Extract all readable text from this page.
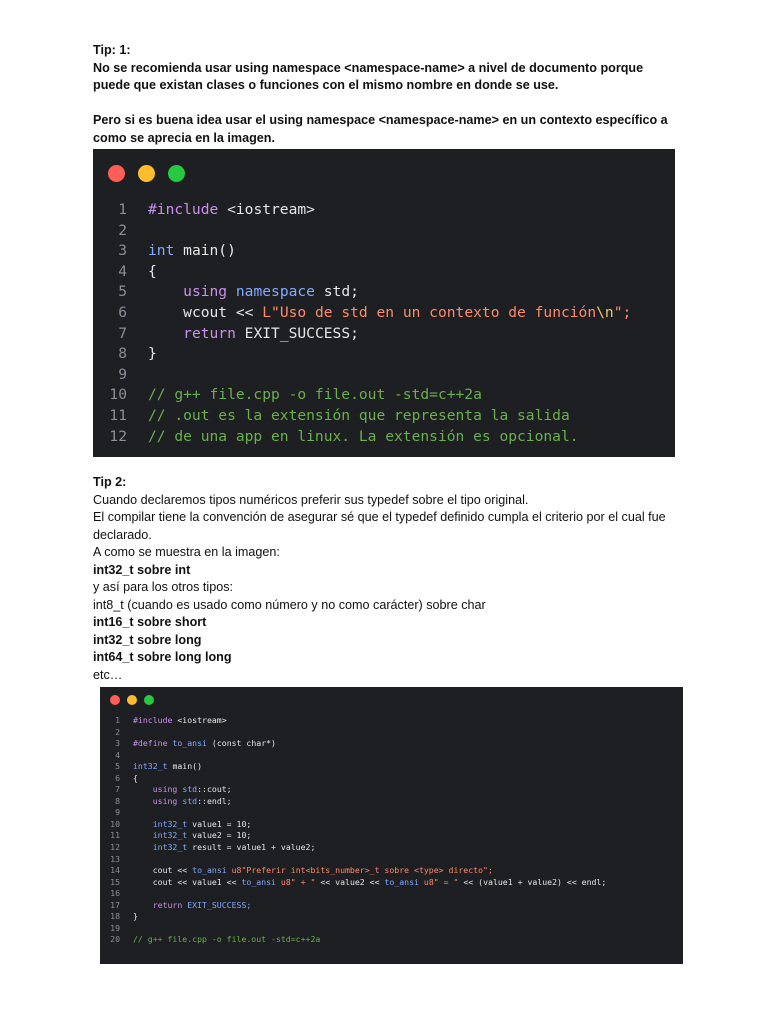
Tip: 1:

No se recomienda usar using namespace <namespace-name> a nivel de documento porque puede que existan clases o funciones con el mismo nombre en donde se use.

Pero si es buena idea usar el using namespace <namespace-name> en un contexto específico a como se aprecia en la imagen.

1 #include <iostream>
2
3 int main()
4 {
5	using namespace std;
6	wcout << L"Uso de std en un contexto de función\n";
7	return EXIT_SUCCESS;
8 }
9
10 // g++ file.cpp -o file.out -std=c++2a
11 // .out es la extensión que representa la salida
12 // de una app en linux. La extensión es opcional.

Tip 2:

Cuando declaremos tipos numéricos preferir sus typedef sobre el tipo original.

El compilar tiene la convención de asegurar sé que el typedef definido cumpla el criterio por el cual fue declarado.

A como se muestra en la imagen:

int32_t sobre int

y así para los otros tipos:

int8_t (cuando es usado como número y no como carácter) sobre char

int16_t sobre short

int32_t sobre long

int64_t sobre long long

etc…

1 #include <iostream>
2
3 #define to_ansi (const char*)
4
5 int32_t main()
6 {
7	using std::cout;
8	using std::endl;
9
10	int32_t value1 = 10;
11	int32_t value2 = 10;
12	int32_t result = value1 + value2;
13
14	cout << to_ansi u8"Preferir int<bits_number>_t sobre <type> directo";
15	cout << value1 << to_ansi u8" + " << value2 << to_ansi u8" = " << (value1 + value2) << endl;
16
17	return EXIT_SUCCESS;
18 }
19
20 // g++ file.cpp -o file.out -std=c++2a
